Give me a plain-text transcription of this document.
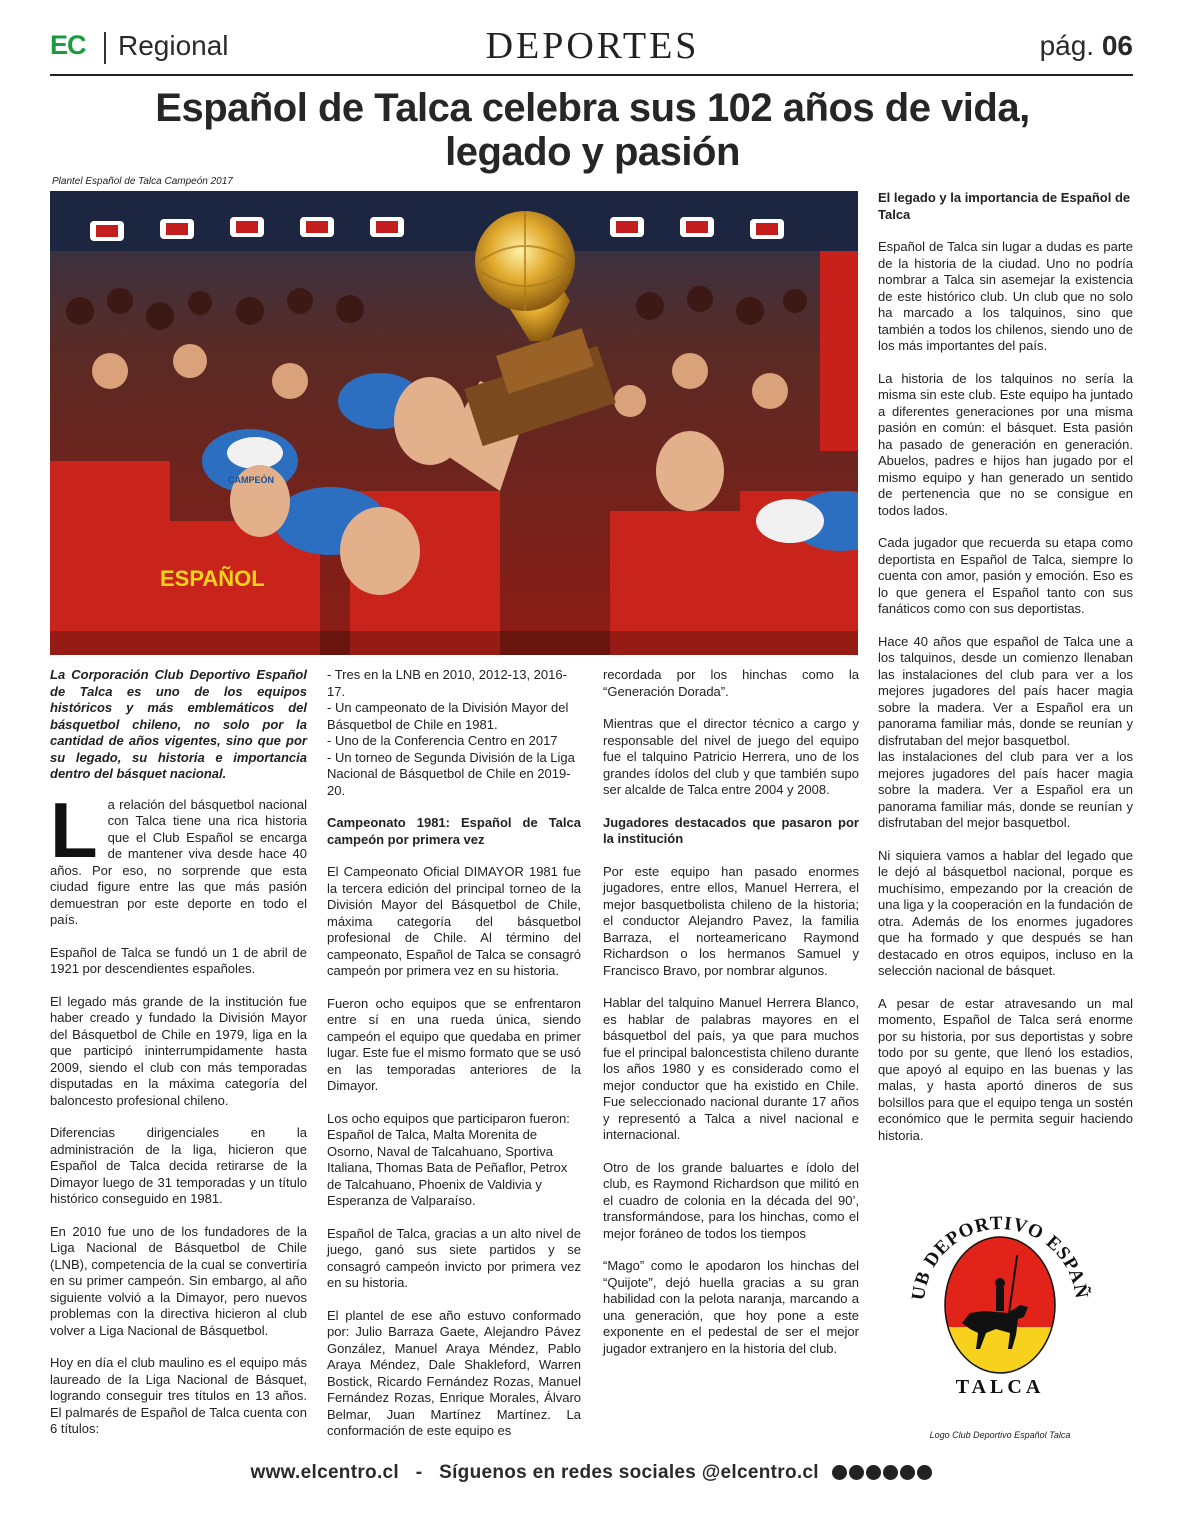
EC Regional	DEPORTES	pág. 06
Español de Talca celebra sus 102 años de vida,
legado y pasión
Plantel Español de Talca Campeón 2017
ESPAÑOL
CAMPEÓN

La Corporación Club Deportivo Español de Talca es uno de los equipos históricos y más emblemáticos del básquetbol chileno, no solo por la cantidad de años vigentes, sino que por su legado, su historia e importancia dentro del básquet nacional.

L a relación del básquetbol nacional con Talca tiene una rica historia que el Club Español se encarga de mantener viva desde hace 40 años. Por eso, no sorprende que esta ciudad figure entre las que más pasión demuestran por este deporte en todo el país.

Español de Talca se fundó un 1 de abril de 1921 por descendientes españoles.

El legado más grande de la institución fue haber creado y fundado la División Mayor del Básquetbol de Chile en 1979, liga en la que participó ininterrumpidamente hasta 2009, siendo el club con más temporadas disputadas en la máxima categoría del baloncesto profesional chileno.

Diferencias dirigenciales en la administración de la liga, hicieron que Español de Talca decida retirarse de la Dimayor luego de 31 temporadas y un título histórico conseguido en 1981.

En 2010 fue uno de los fundadores de la Liga Nacional de Básquetbol de Chile (LNB), competencia de la cual se convertiría en su primer campeón. Sin embargo, al año siguiente volvió a la Dimayor, pero nuevos problemas con la directiva hicieron al club volver a Liga Nacional de Básquetbol.

Hoy en día el club maulino es el equipo más laureado de la Liga Nacional de Básquet, logrando conseguir tres títulos en 13 años. El palmarés de Español de Talca cuenta con 6 títulos:

- Tres en la LNB en 2010, 2012-13, 2016-17.
- Un campeonato de la División Mayor del Básquetbol de Chile en 1981.
- Uno de la Conferencia Centro en 2017
- Un torneo de Segunda División de la Liga Nacional de Básquetbol de Chile en 2019-20.

Campeonato 1981: Español de Talca campeón por primera vez

El Campeonato Oficial DIMAYOR 1981 fue la tercera edición del principal torneo de la División Mayor del Básquetbol de Chile, máxima categoría del básquetbol profesional de Chile. Al término del campeonato, Español de Talca se consagró campeón por primera vez en su historia.

Fueron ocho equipos que se enfrentaron entre sí en una rueda única, siendo campeón el equipo que quedaba en primer lugar. Este fue el mismo formato que se usó en las temporadas anteriores de la Dimayor.

Los ocho equipos que participaron fueron: Español de Talca, Malta Morenita de Osorno, Naval de Talcahuano, Sportiva Italiana, Thomas Bata de Peñaflor, Petrox de Talcahuano, Phoenix de Valdivia y Esperanza de Valparaíso.

Español de Talca, gracias a un alto nivel de juego, ganó sus siete partidos y se consagró campeón invicto por primera vez en su historia.

El plantel de ese año estuvo conformado por: Julio Barraza Gaete, Alejandro Pávez González, Manuel Araya Méndez, Pablo Araya Méndez, Dale Shakleford, Warren Bostick, Ricardo Fernández Rozas, Manuel Fernández Rozas, Enrique Morales, Álvaro Belmar, Juan Martínez Martínez. La conformación de este equipo es

recordada por los hinchas como la “Generación Dorada”.

Mientras que el director técnico a cargo y responsable del nivel de juego del equipo fue el talquino Patricio Herrera, uno de los grandes ídolos del club y que también supo ser alcalde de Talca entre 2004 y 2008.

Jugadores destacados que pasaron por la institución

Por este equipo han pasado enormes jugadores, entre ellos, Manuel Herrera, el mejor basquetbolista chileno de la historia; el conductor Alejandro Pavez, la familia Barraza, el norteamericano Raymond Richardson o los hermanos Samuel y Francisco Bravo, por nombrar algunos.

Hablar del talquino Manuel Herrera Blanco, es hablar de palabras mayores en el básquetbol del país, ya que para muchos fue el principal baloncestista chileno durante los años 1980 y es considerado como el mejor conductor que ha existido en Chile. Fue seleccionado nacional durante 17 años y representó a Talca a nivel nacional e internacional.

Otro de los grande baluartes e ídolo del club, es Raymond Richardson que militó en el cuadro de colonia en la década del 90’, transformándose, para los hinchas, como el mejor foráneo de todos los tiempos

“Mago” como le apodaron los hinchas del “Quijote”, dejó huella gracias a su gran habilidad con la pelota naranja, marcando a una generación, que hoy pone a este exponente en el pedestal de ser el mejor jugador extranjero en la historia del club.

El legado y la importancia de Español de Talca

Español de Talca sin lugar a dudas es parte de la historia de la ciudad. Uno no podría nombrar a Talca sin asemejar la existencia de este histórico club. Un club que no solo ha marcado a los talquinos, sino que también a todos los chilenos, siendo uno de los más importantes del país.

La historia de los talquinos no sería la misma sin este club. Este equipo ha juntado a diferentes generaciones por una misma pasión en común: el básquet. Esta pasión ha pasado de generación en generación. Abuelos, padres e hijos han jugado por el mismo equipo y han generado un sentido de pertenencia que no se consigue en todos lados.

Cada jugador que recuerda su etapa como deportista en Español de Talca, siempre lo cuenta con amor, pasión y emoción. Eso es lo que genera el Español tanto con sus fanáticos como con sus deportistas.

Hace 40 años que español de Talca une a los talquinos, desde un comienzo llenaban las instalaciones del club para ver a los mejores jugadores del país hacer magia sobre la madera. Ver a Español era un panorama familiar más, donde se reunían y disfrutaban del mejor basquetbol.

las instalaciones del club para ver a los mejores jugadores del país hacer magia sobre la madera. Ver a Español era un panorama familiar más, donde se reunían y disfrutaban del mejor basquetbol.

Ni siquiera vamos a hablar del legado que le dejó al básquetbol nacional, porque es muchísimo, empezando por la creación de una liga y la cooperación en la fundación de otra. Además de los enormes jugadores que ha formado y que después se han destacado en otros equipos, incluso en la selección nacional de básquet.

A pesar de estar atravesando un mal momento, Español de Talca será enorme por su historia, por sus deportistas y sobre todo por su gente, que llenó los estadios, que apoyó al equipo en las buenas y las malas, y hasta aportó dineros de sus bolsillos para que el equipo tenga un sostén económico que le permita seguir haciendo historia.

UB DEPORTIVO ESPAÑ
TALCA
Logo Club Deportivo Español Talca
www.elcentro.cl - Síguenos en redes sociales @elcentro.cl
